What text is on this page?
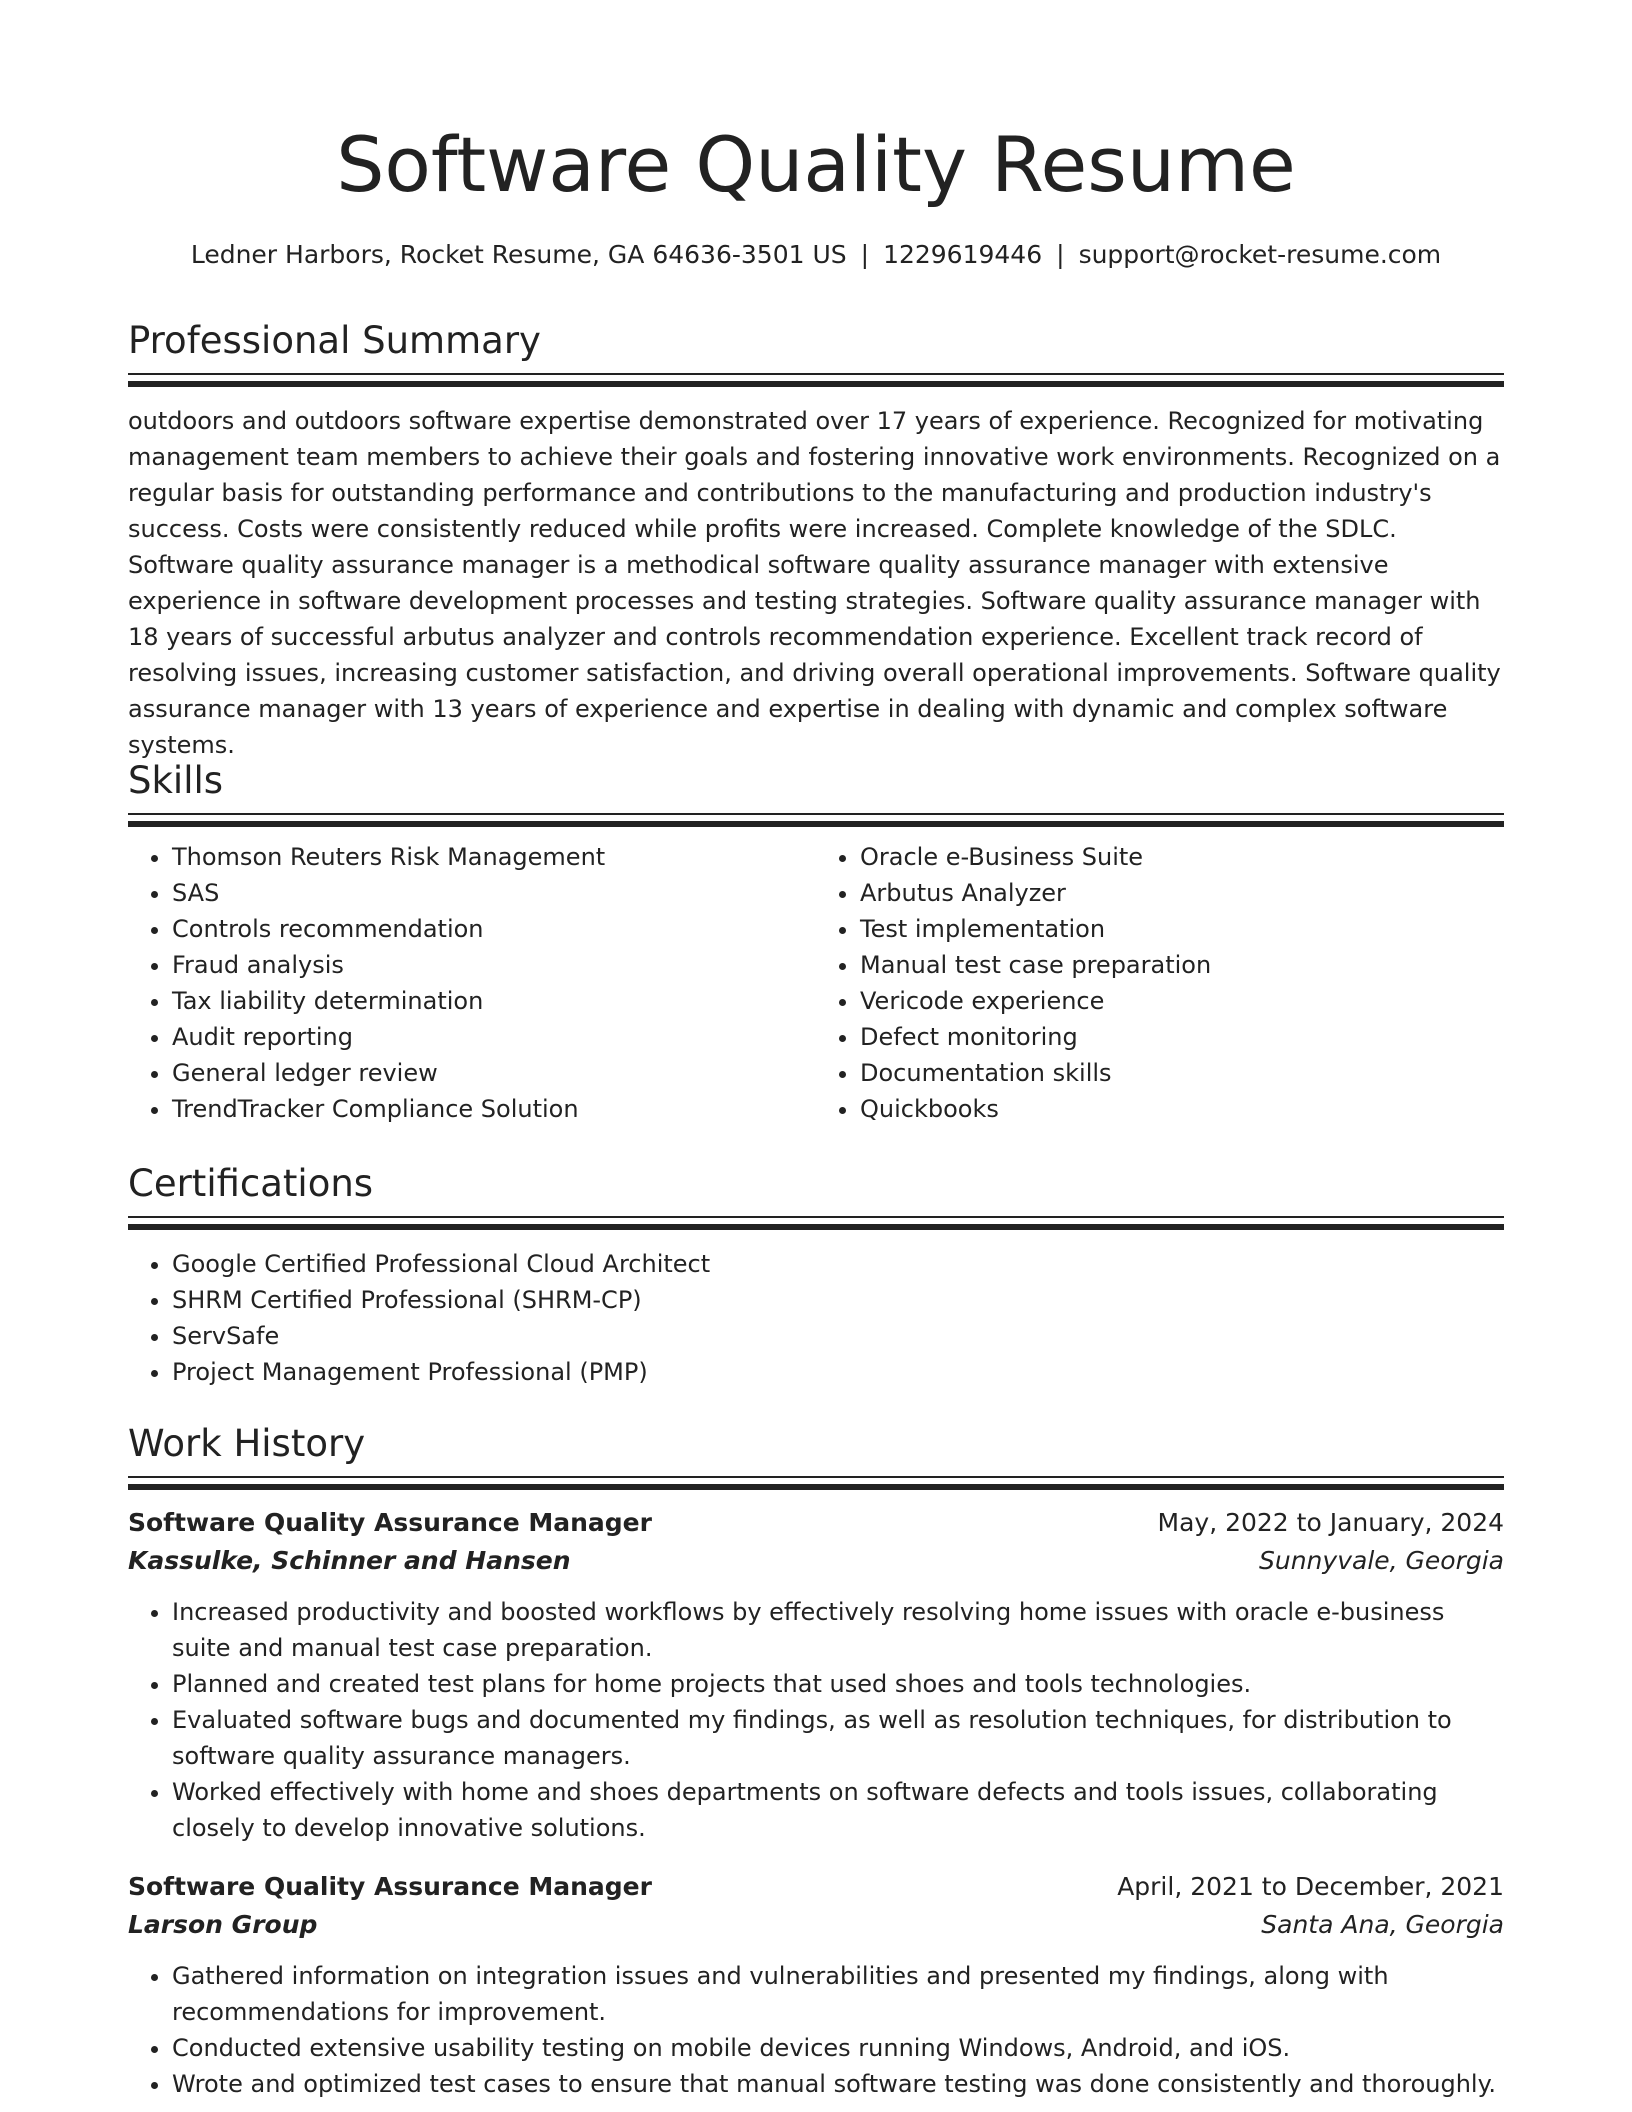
Software Quality Resume
Ledner Harbors, Rocket Resume, GA 64636-3501 US | 1229619446 | support@rocket-resume.com
Professional Summary
outdoors and outdoors software expertise demonstrated over 17 years of experience. Recognized for motivating management team members to achieve their goals and fostering innovative work environments. Recognized on a regular basis for outstanding performance and contributions to the manufacturing and production industry's success. Costs were consistently reduced while profits were increased. Complete knowledge of the SDLC. Software quality assurance manager is a methodical software quality assurance manager with extensive experience in software development processes and testing strategies. Software quality assurance manager with 18 years of successful arbutus analyzer and controls recommendation experience. Excellent track record of resolving issues, increasing customer satisfaction, and driving overall operational improvements. Software quality assurance manager with 13 years of experience and expertise in dealing with dynamic and complex software systems.
Skills
• Thomson Reuters Risk Management
• SAS
• Controls recommendation
• Fraud analysis
• Tax liability determination
• Audit reporting
• General ledger review
• TrendTracker Compliance Solution
• Oracle e-Business Suite
• Arbutus Analyzer
• Test implementation
• Manual test case preparation
• Vericode experience
• Defect monitoring
• Documentation skills
• Quickbooks
Certifications
• Google Certified Professional Cloud Architect
• SHRM Certified Professional (SHRM-CP)
• ServSafe
• Project Management Professional (PMP)
Work History
Software Quality Assurance Manager	May, 2022 to January, 2024
Kassulke, Schinner and Hansen	Sunnyvale, Georgia
• Increased productivity and boosted workflows by effectively resolving home issues with oracle e-business suite and manual test case preparation.
• Planned and created test plans for home projects that used shoes and tools technologies.
• Evaluated software bugs and documented my findings, as well as resolution techniques, for distribution to software quality assurance managers.
• Worked effectively with home and shoes departments on software defects and tools issues, collaborating closely to develop innovative solutions.
Software Quality Assurance Manager	April, 2021 to December, 2021
Larson Group	Santa Ana, Georgia
• Gathered information on integration issues and vulnerabilities and presented my findings, along with recommendations for improvement.
• Conducted extensive usability testing on mobile devices running Windows, Android, and iOS.
• Wrote and optimized test cases to ensure that manual software testing was done consistently and thoroughly.
